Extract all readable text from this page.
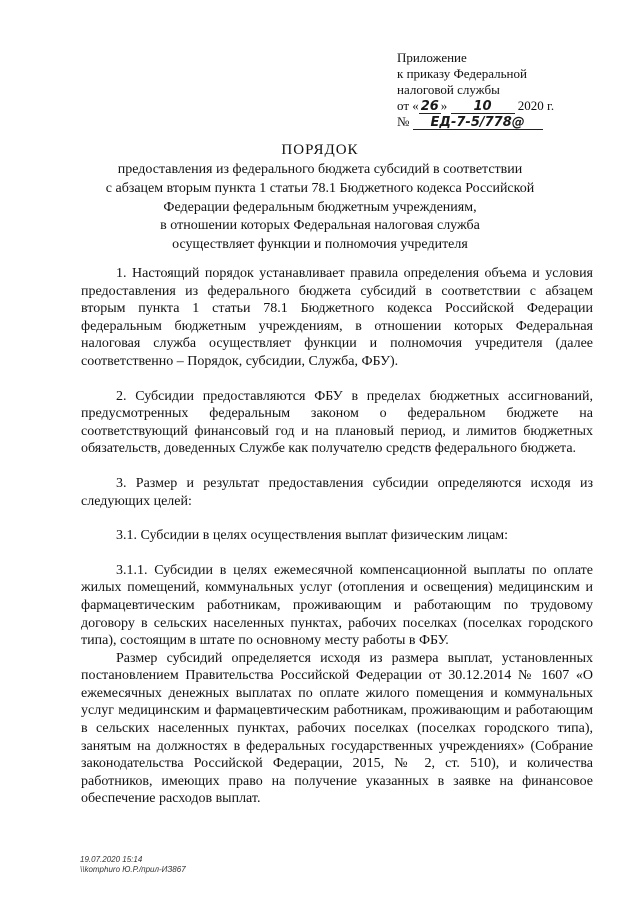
Приложение
к приказу Федеральной
налоговой службы
от « 26 » 10 2020 г.
№ ЕД-7-5/778@
ПОРЯДОК
предоставления из федерального бюджета субсидий в соответствии
с абзацем вторым пункта 1 статьи 78.1 Бюджетного кодекса Российской
Федерации федеральным бюджетным учреждениям,
в отношении которых Федеральная налоговая служба
осуществляет функции и полномочия учредителя

1. Настоящий порядок устанавливает правила определения объема и условия предоставления из федерального бюджета субсидий в соответствии с абзацем вторым пункта 1 статьи 78.1 Бюджетного кодекса Российской Федерации федеральным бюджетным учреждениям, в отношении которых Федеральная налоговая служба осуществляет функции и полномочия учредителя (далее соответственно – Порядок, субсидии, Служба, ФБУ).

2. Субсидии предоставляются ФБУ в пределах бюджетных ассигнований, предусмотренных федеральным законом о федеральном бюджете на соответствующий финансовый год и на плановый период, и лимитов бюджетных обязательств, доведенных Службе как получателю средств федерального бюджета.

3. Размер и результат предоставления субсидии определяются исходя из следующих целей:

3.1. Субсидии в целях осуществления выплат физическим лицам:

3.1.1. Субсидии в целях ежемесячной компенсационной выплаты по оплате жилых помещений, коммунальных услуг (отопления и освещения) медицинским и фармацевтическим работникам, проживающим и работающим по трудовому договору в сельских населенных пунктах, рабочих поселках (поселках городского типа), состоящим в штате по основному месту работы в ФБУ.

Размер субсидий определяется исходя из размера выплат, установленных постановлением Правительства Российской Федерации от 30.12.2014 № 1607 «О ежемесячных денежных выплатах по оплате жилого помещения и коммунальных услуг медицинским и фармацевтическим работникам, проживающим и работающим в сельских населенных пунктах, рабочих поселках (поселках городского типа), занятым на должностях в федеральных государственных учреждениях» (Собрание законодательства Российской Федерации, 2015, № 2, ст. 510), и количества работников, имеющих право на получение указанных в заявке на финансовое обеспечение расходов выплат.

19.07.2020 15:14
\\komphuro Ю.Р./прил-ИЗ867
